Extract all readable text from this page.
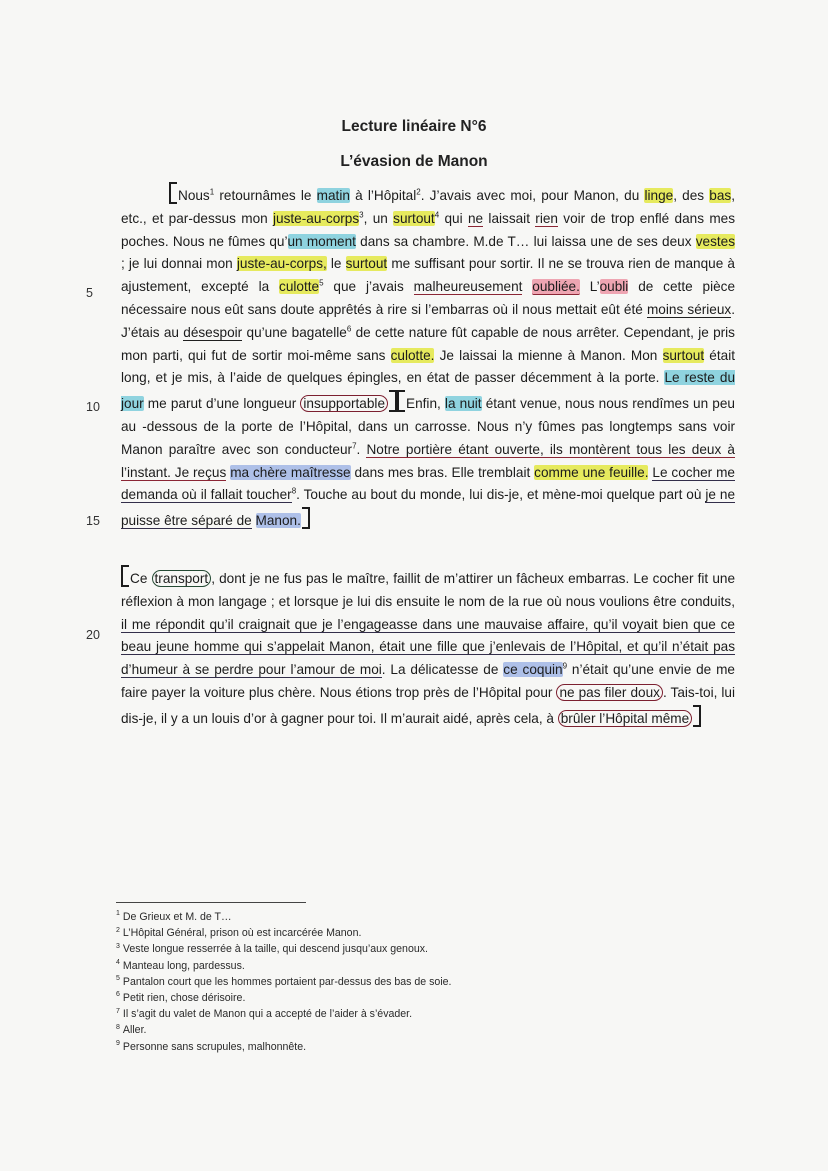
Lecture linéaire N°6
L’évasion de Manon
5
10
15
20
Nous$^1$ retournâmes le matin à l’Hôpital$^2$. J’avais avec moi, pour Manon, du linge, des bas, etc., et par-dessus mon juste-au-corps$^3$, un surtout$^4$ qui ne laissait rien voir de trop enflé dans mes poches. Nous ne fûmes qu’un moment dans sa chambre. M.de T… lui laissa une de ses deux vestes ; je lui donnai mon juste-au-corps, le surtout me suffisant pour sortir. Il ne se trouva rien de manque à ajustement, excepté la culotte$^5$ que j’avais malheureusement oubliée. L’oubli de cette pièce nécessaire nous eût sans doute apprêtés à rire si l’embarras où il nous mettait eût été moins sérieux. J’étais au désespoir qu’une bagatelle$^6$ de cette nature fût capable de nous arrêter. Cependant, je pris mon parti, qui fut de sortir moi-même sans culotte. Je laissai la mienne à Manon. Mon surtout était long, et je mis, à l’aide de quelques épingles, en état de passer décemment à la porte. Le reste du jour me parut d’une longueur insupportable Enfin, la nuit étant venue, nous nous rendîmes un peu au -dessous de la porte de l’Hôpital, dans un carrosse. Nous n’y fûmes pas longtemps sans voir Manon paraître avec son conducteur$^7$. Notre portière étant ouverte, ils montèrent tous les deux à l’instant. Je reçus ma chère maîtresse dans mes bras. Elle tremblait comme une feuille. Le cocher me demanda où il fallait toucher$^8$. Touche au bout du monde, lui dis-je, et mène-moi quelque part où je ne puisse être séparé de Manon.
Ce transport , dont je ne fus pas le maître, faillit de m’attirer un fâcheux embarras. Le cocher fit une réflexion à mon langage ; et lorsque je lui dis ensuite le nom de la rue où nous voulions être conduits, il me répondit qu’il craignait que je l’engageasse dans une mauvaise affaire, qu’il voyait bien que ce beau jeune homme qui s’appelait Manon, était une fille que j’enlevais de l’Hôpital, et qu’il n’était pas d’humeur à se perdre pour l’amour de moi. La délicatesse de ce coquin$^9$ n’était qu’une envie de me faire payer la voiture plus chère. Nous étions trop près de l’Hôpital pour ne pas filer doux . Tais-toi, lui dis-je, il y a un louis d’or à gagner pour toi. Il m’aurait aidé, après cela, à brûler l’Hôpital même
$^1$ De Grieux et M. de T…
$^2$ L’Hôpital Général, prison où est incarcérée Manon.
$^3$ Veste longue resserrée à la taille, qui descend jusqu’aux genoux.
$^4$ Manteau long, pardessus.
$^5$ Pantalon court que les hommes portaient par-dessus des bas de soie.
$^6$ Petit rien, chose dérisoire.
$^7$ Il s’agit du valet de Manon qui a accepté de l’aider à s’évader.
$^8$ Aller.
$^9$ Personne sans scrupules, malhonnête.
